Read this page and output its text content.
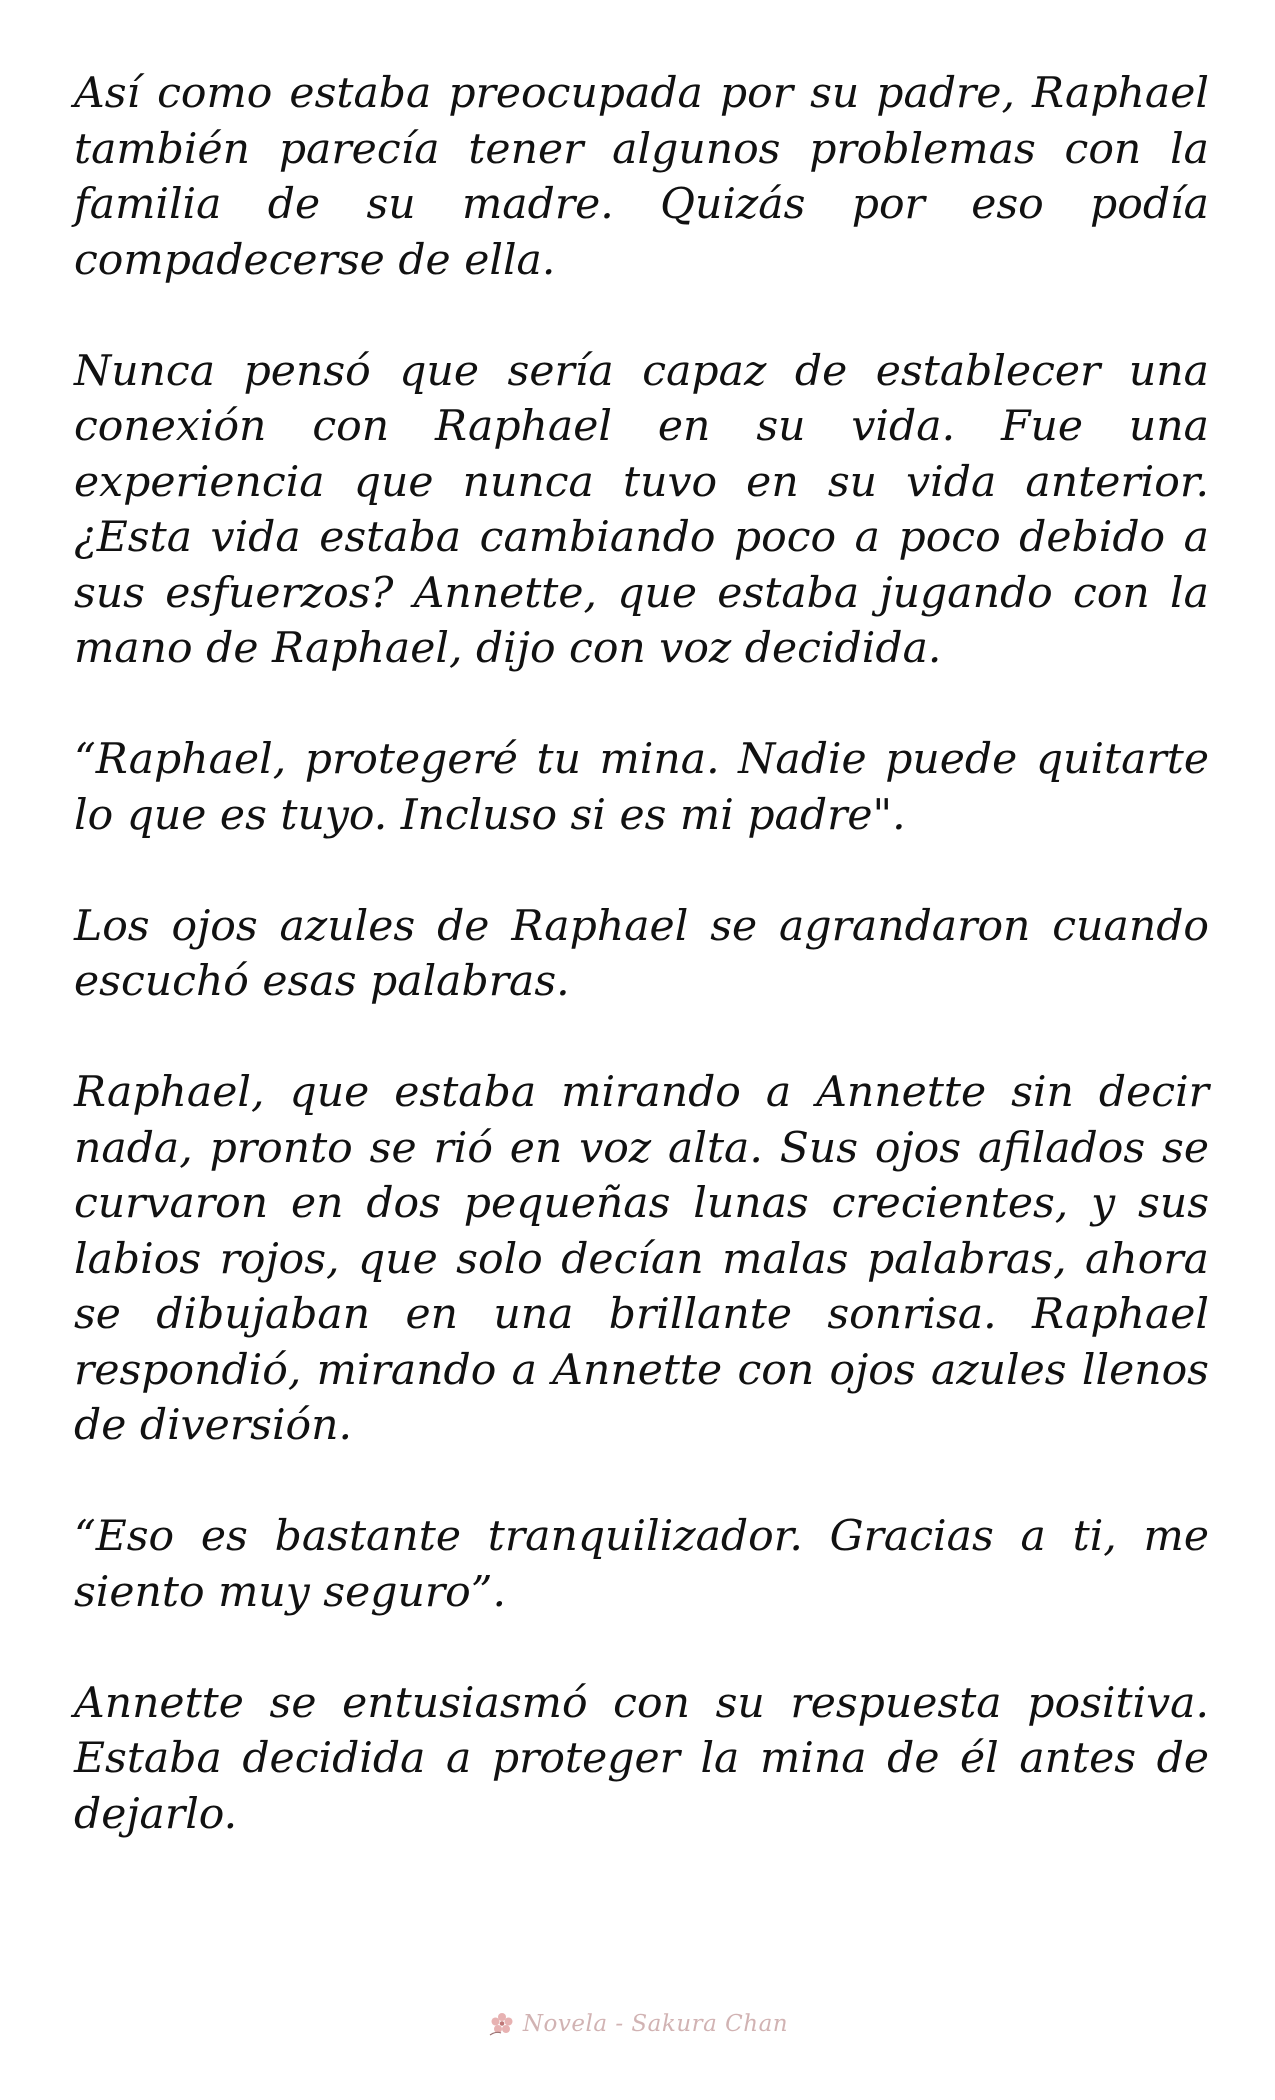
Así como estaba preocupada por su padre, Raphael también parecía tener algunos problemas con la familia de su madre. Quizás por eso podía compadecerse de ella.

Nunca pensó que sería capaz de establecer una conexión con Raphael en su vida. Fue una experiencia que nunca tuvo en su vida anterior. ¿Esta vida estaba cambiando poco a poco debido a sus esfuerzos? Annette, que estaba jugando con la mano de Raphael, dijo con voz decidida.

“Raphael, protegeré tu mina. Nadie puede quitarte lo que es tuyo. Incluso si es mi padre".

Los ojos azules de Raphael se agrandaron cuando escuchó esas palabras.

Raphael, que estaba mirando a Annette sin decir nada, pronto se rió en voz alta. Sus ojos afilados se curvaron en dos pequeñas lunas crecientes, y sus labios rojos, que solo decían malas palabras, ahora se dibujaban en una brillante sonrisa. Raphael respondió, mirando a Annette con ojos azules llenos de diversión.

“Eso es bastante tranquilizador. Gracias a ti, me siento muy seguro”.

Annette se entusiasmó con su respuesta positiva. Estaba decidida a proteger la mina de él antes de dejarlo.

Novela - Sakura Chan
